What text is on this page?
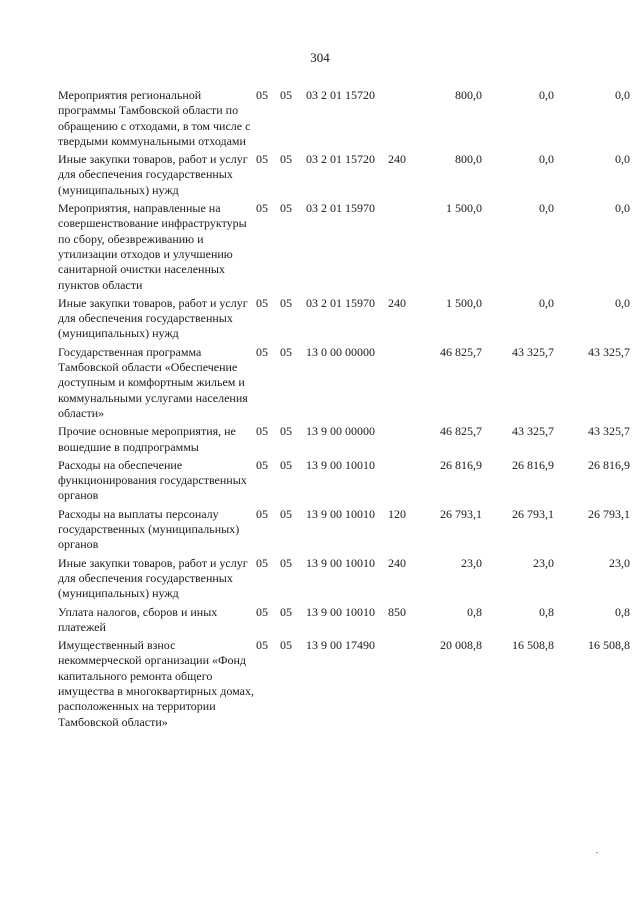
304
Мероприятия региональной программы Тамбовской области по обращению с отходами, в том числе с твердыми коммунальными отходами	05	05	03 2 01 15720		800,0	0,0	0,0
Иные закупки товаров, работ и услуг для обеспечения государственных (муниципальных) нужд	05	05	03 2 01 15720	240	800,0	0,0	0,0
Мероприятия, направленные на совершенствование инфраструктуры по сбору, обезвреживанию и утилизации отходов и улучшению санитарной очистки населенных пунктов области	05	05	03 2 01 15970		1 500,0	0,0	0,0
Иные закупки товаров, работ и услуг для обеспечения государственных (муниципальных) нужд	05	05	03 2 01 15970	240	1 500,0	0,0	0,0
Государственная программа Тамбовской области «Обеспечение доступным и комфортным жильем и коммунальными услугами населения области»	05	05	13 0 00 00000		46 825,7	43 325,7	43 325,7
Прочие основные мероприятия, не вошедшие в подпрограммы	05	05	13 9 00 00000		46 825,7	43 325,7	43 325,7
Расходы на обеспечение функционирования государственных органов	05	05	13 9 00 10010		26 816,9	26 816,9	26 816,9
Расходы на выплаты персоналу государственных (муниципальных) органов	05	05	13 9 00 10010	120	26 793,1	26 793,1	26 793,1
Иные закупки товаров, работ и услуг для обеспечения государственных (муниципальных) нужд	05	05	13 9 00 10010	240	23,0	23,0	23,0
Уплата налогов, сборов и иных платежей	05	05	13 9 00 10010	850	0,8	0,8	0,8
Имущественный взнос некоммерческой организации «Фонд капитального ремонта общего имущества в многоквартирных домах, расположенных на территории Тамбовской области»	05	05	13 9 00 17490		20 008,8	16 508,8	16 508,8
